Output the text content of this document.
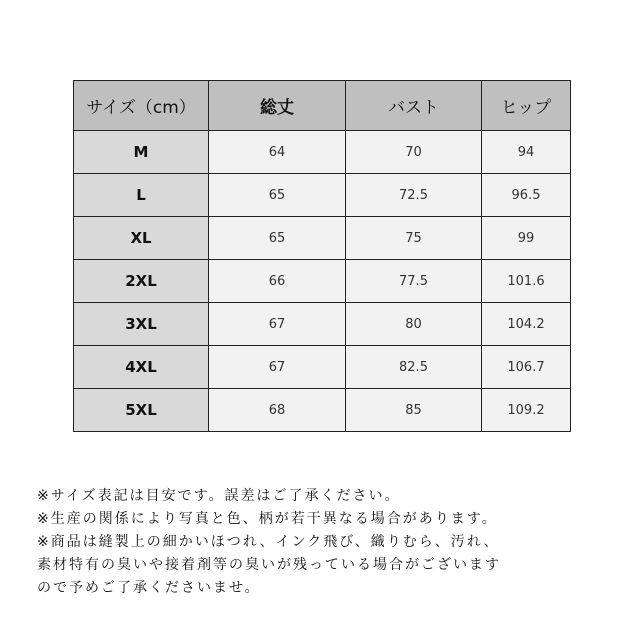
サイズ（cm）	総丈	バスト	ヒップ
M	64	70	94
L	65	72.5	96.5
XL	65	75	99
2XL	66	77.5	101.6
3XL	67	80	104.2
4XL	67	82.5	106.7
5XL	68	85	109.2
※サイズ表記は目安です。誤差はご了承ください。
※生産の関係により写真と色、柄が若干異なる場合があります。
※商品は縫製上の細かいほつれ、インク飛び、織りむら、汚れ、
素材特有の臭いや接着剤等の臭いが残っている場合がございます
ので予めご了承くださいませ。
